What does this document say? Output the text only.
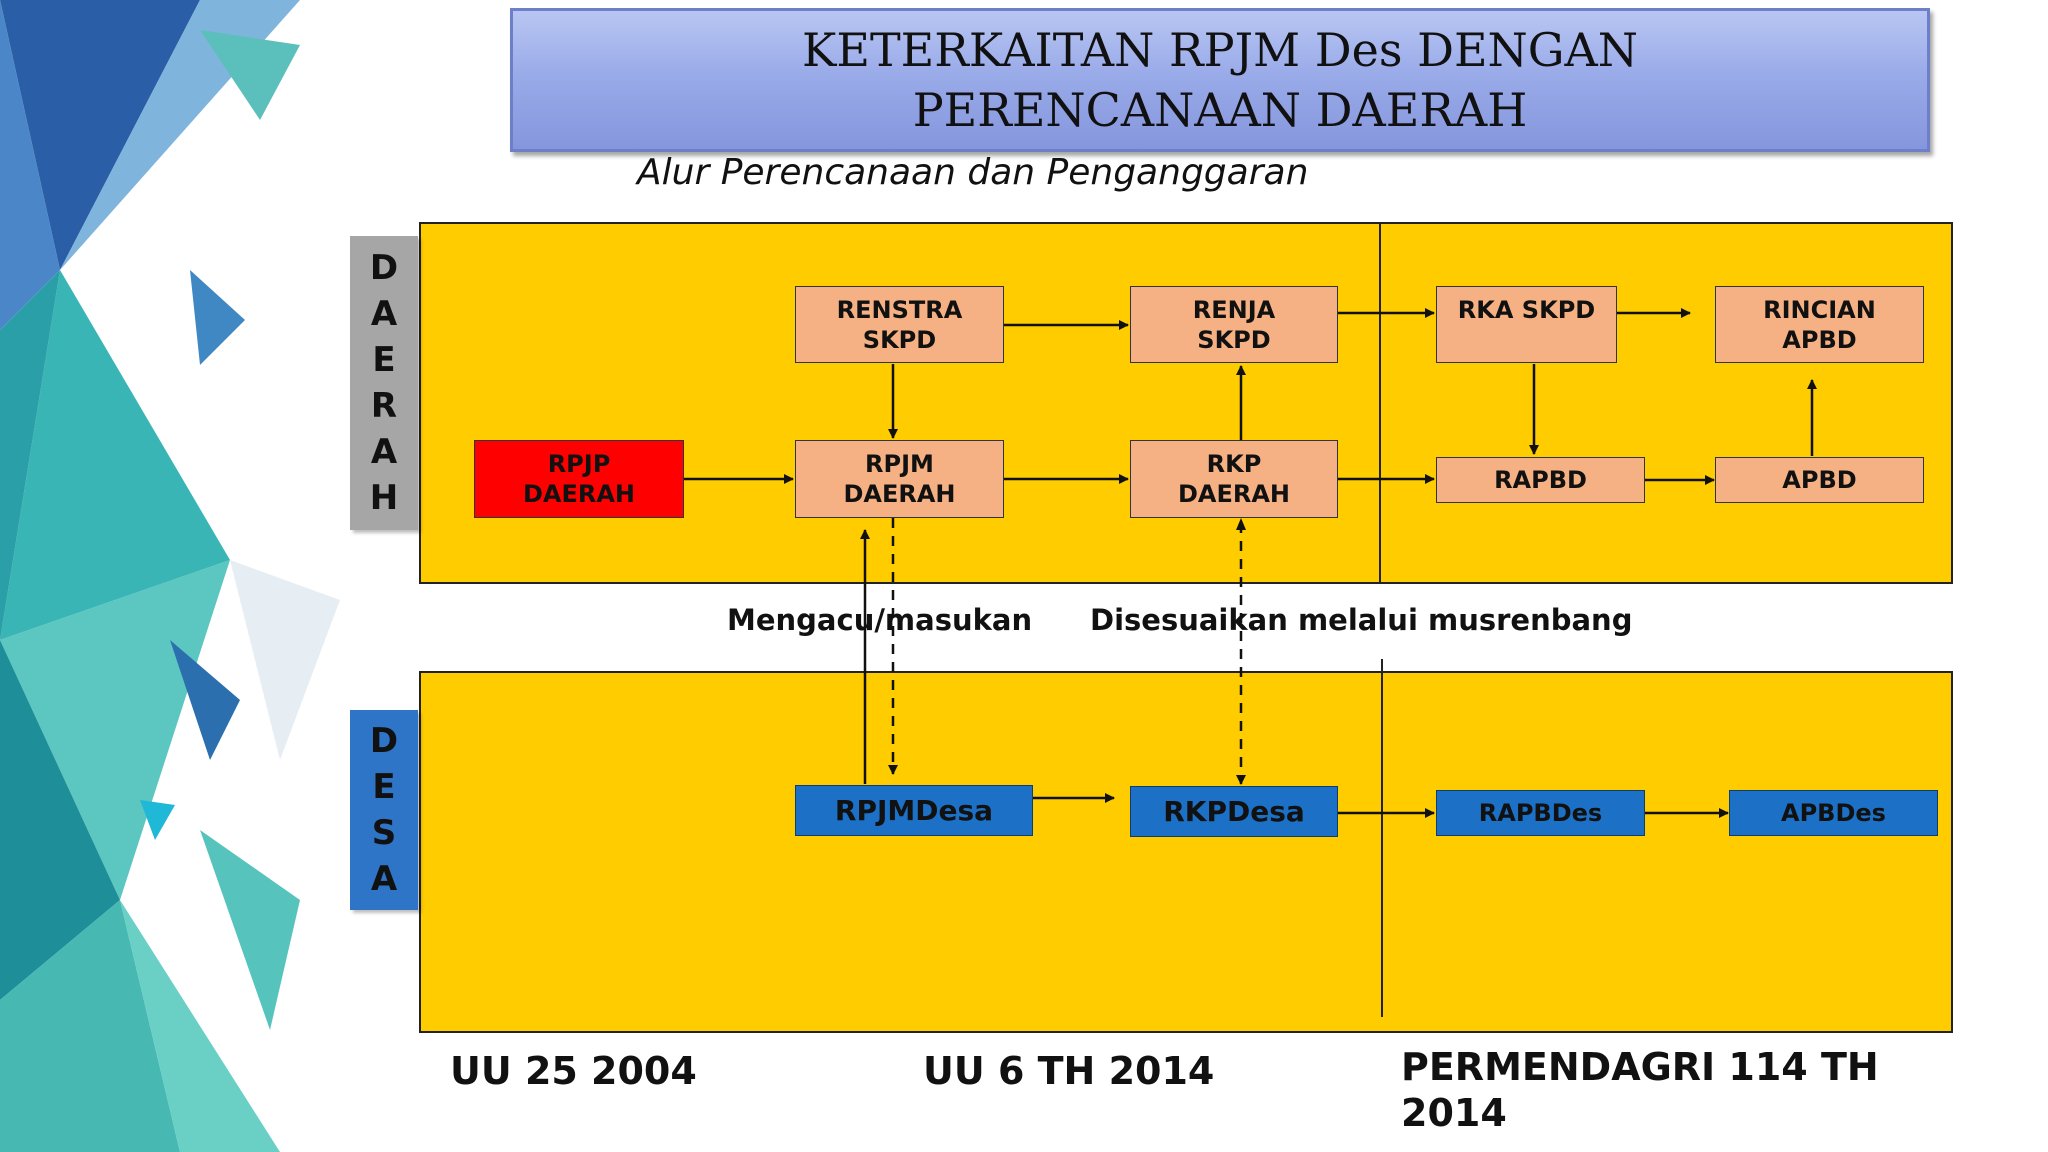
KETERKAITAN RPJM Des DENGAN
PERENCANAAN DAERAH
Alur Perencanaan dan Penganggaran
D
A
E
R
A
H
D
E
S
A
RENSTRA
SKPD
RENJA
SKPD
RKA SKPD	RINCIAN
APBD
RPJP
DAERAH
RPJM
DAERAH
RKP
DAERAH	RAPBD	APBD
Mengacu/masukan Disesuaikan melalui musrenbang
RPJMDesa	RKPDesa	RAPBDes	APBDes
UU 25 2004	UU 6 TH 2014	PERMENDAGRI 114 TH
2014
